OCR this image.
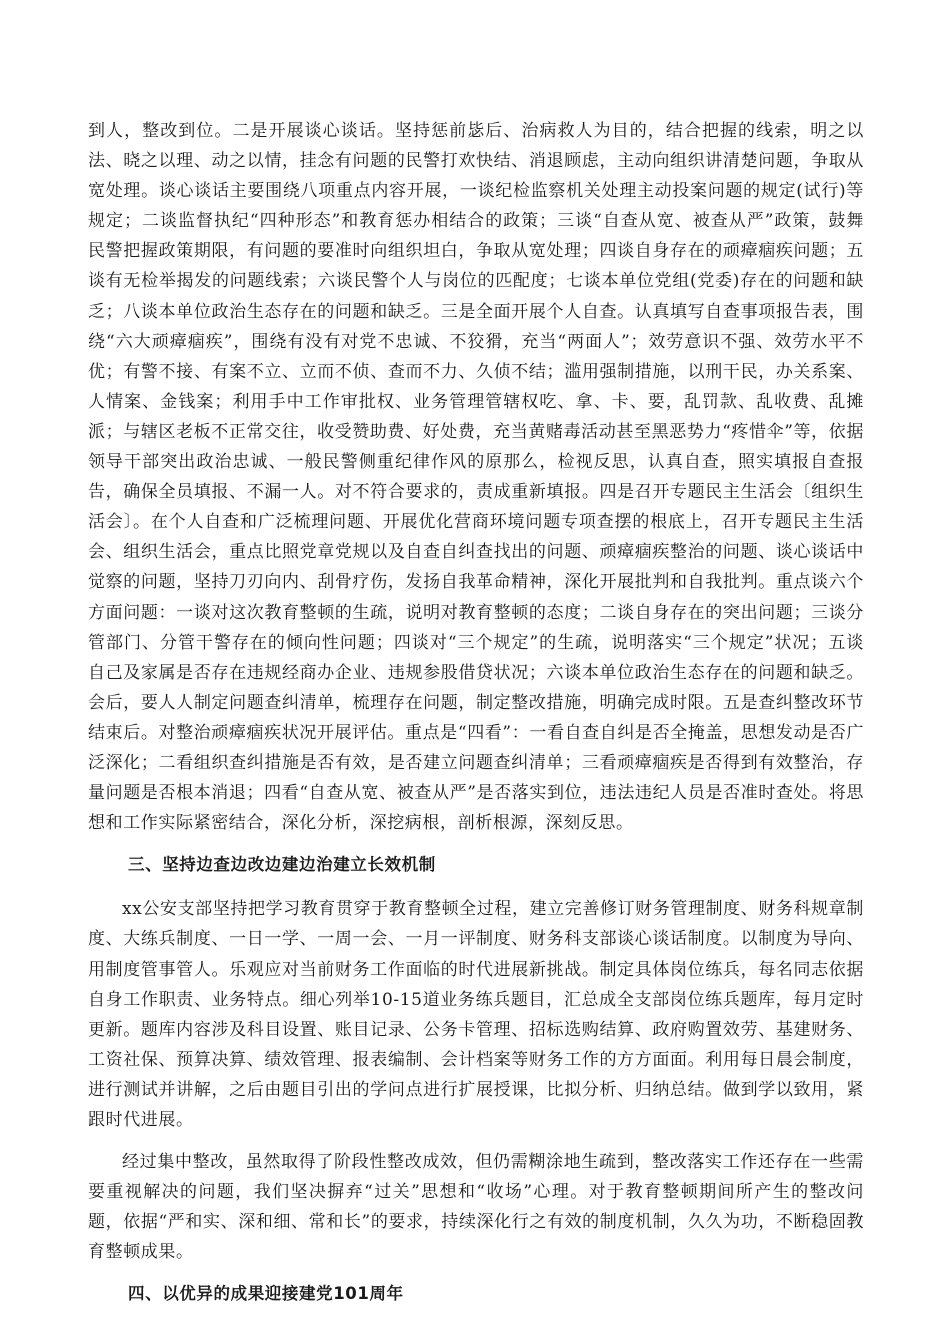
到人，整改到位。二是开展谈心谈话。坚持惩前毖后、治病救人为目的，结合把握的线索，明之以法、晓之以理、动之以情，挂念有问题的民警打欢快结、消退顾虑，主动向组织讲清楚问题，争取从宽处理。谈心谈话主要围绕八项重点内容开展，一谈纪检监察机关处理主动投案问题的规定(试行)等规定；二谈监督执纪“四种形态”和教育惩办相结合的政策；三谈“自查从宽、被查从严”政策，鼓舞民警把握政策期限，有问题的要准时向组织坦白，争取从宽处理；四谈自身存在的顽瘴痼疾问题；五谈有无检举揭发的问题线索；六谈民警个人与岗位的匹配度；七谈本单位党组(党委)存在的问题和缺乏；八谈本单位政治生态存在的问题和缺乏。三是全面开展个人自查。认真填写自查事项报告表，围绕“六大顽瘴痼疾”，围绕有没有对党不忠诚、不狡猾，充当“两面人”；效劳意识不强、效劳水平不优；有警不接、有案不立、立而不侦、查而不力、久侦不结；滥用强制措施，以刑干民，办关系案、人情案、金钱案；利用手中工作审批权、业务管理管辖权吃、拿、卡、要，乱罚款、乱收费、乱摊派；与辖区老板不正常交往，收受赞助费、好处费，充当黄赌毒活动甚至黑恶势力“疼惜伞”等，依据领导干部突出政治忠诚、一般民警侧重纪律作风的原那么，检视反思，认真自查，照实填报自查报告，确保全员填报、不漏一人。对不符合要求的，责成重新填报。四是召开专题民主生活会〔组织生活会〕。在个人自查和广泛梳理问题、开展优化营商环境问题专项查摆的根底上，召开专题民主生活会、组织生活会，重点比照党章党规以及自查自纠查找出的问题、顽瘴痼疾整治的问题、谈心谈话中觉察的问题，坚持刀刃向内、刮骨疗伤，发扬自我革命精神，深化开展批判和自我批判。重点谈六个方面问题：一谈对这次教育整顿的生疏，说明对教育整顿的态度；二谈自身存在的突出问题；三谈分管部门、分管干警存在的倾向性问题；四谈对“三个规定”的生疏，说明落实“三个规定”状况；五谈自己及家属是否存在违规经商办企业、违规参股借贷状况；六谈本单位政治生态存在的问题和缺乏。会后，要人人制定问题查纠清单，梳理存在问题，制定整改措施，明确完成时限。五是查纠整改环节结束后。对整治顽瘴痼疾状况开展评估。重点是“四看”：一看自查自纠是否全掩盖，思想发动是否广泛深化；二看组织查纠措施是否有效，是否建立问题查纠清单；三看顽瘴痼疾是否得到有效整治，存量问题是否根本消退；四看“自查从宽、被查从严”是否落实到位，违法违纪人员是否准时查处。将思想和工作实际紧密结合，深化分析，深挖病根，剖析根源，深刻反思。

三、坚持边查边改边建边治建立长效机制

xx公安支部坚持把学习教育贯穿于教育整顿全过程，建立完善修订财务管理制度、财务科规章制度、大练兵制度、一日一学、一周一会、一月一评制度、财务科支部谈心谈话制度。以制度为导向、用制度管事管人。乐观应对当前财务工作面临的时代进展新挑战。制定具体岗位练兵，每名同志依据自身工作职责、业务特点。细心列举10-15道业务练兵题目，汇总成全支部岗位练兵题库，每月定时更新。题库内容涉及科目设置、账目记录、公务卡管理、招标选购结算、政府购置效劳、基建财务、工资社保、预算决算、绩效管理、报表编制、会计档案等财务工作的方方面面。利用每日晨会制度，进行测试并讲解，之后由题目引出的学问点进行扩展授课，比拟分析、归纳总结。做到学以致用，紧跟时代进展。

经过集中整改，虽然取得了阶段性整改成效，但仍需糊涂地生疏到，整改落实工作还存在一些需要重视解决的问题，我们坚决摒弃“过关”思想和“收场”心理。对于教育整顿期间所产生的整改问题，依据“严和实、深和细、常和长”的要求，持续深化行之有效的制度机制，久久为功，不断稳固教育整顿成果。

四、以优异的成果迎接建党101周年
